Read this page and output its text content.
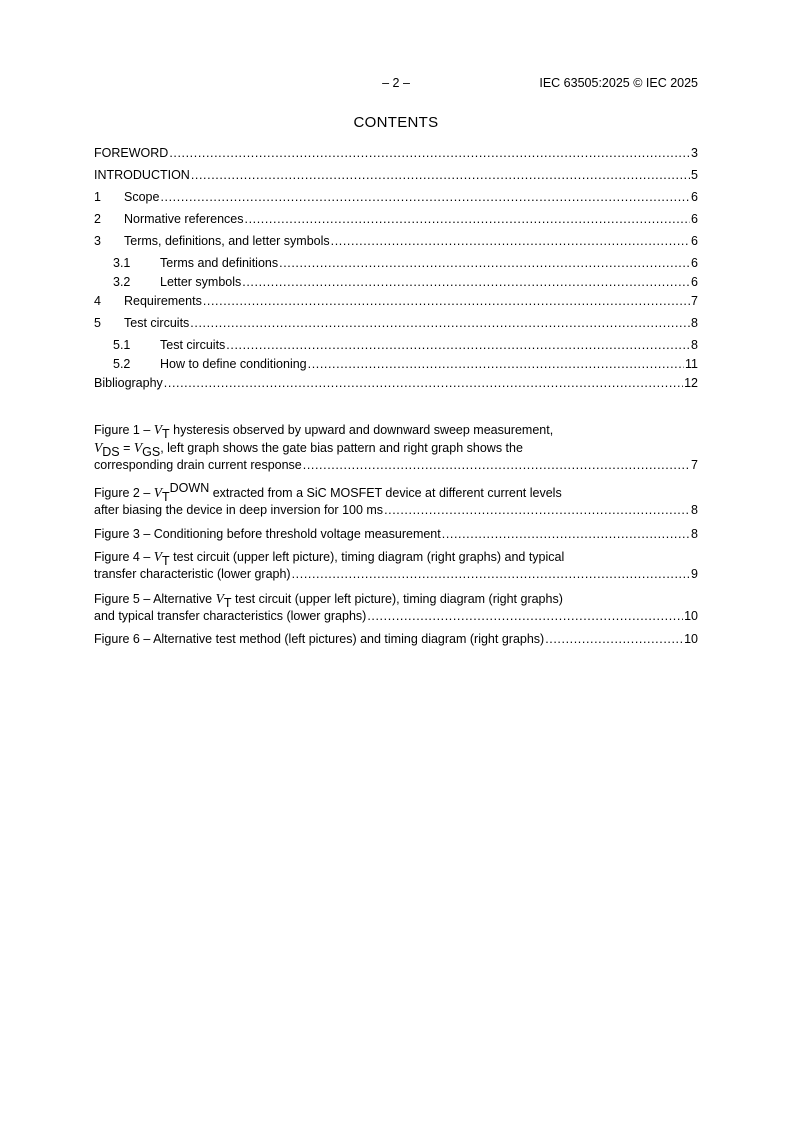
– 2 –	IEC 63505:2025 © IEC 2025
CONTENTS
FOREWORD .....	3
INTRODUCTION .....	5
1	Scope .....	6
2	Normative references .....	6
3	Terms, definitions, and letter symbols .....	6
3.1	Terms and definitions .....	6
3.2	Letter symbols .....	6
4	Requirements .....	7
5	Test circuits .....	8
5.1	Test circuits .....	8
5.2	How to define conditioning .....	11
Bibliography .....	12
Figure 1 – VT hysteresis observed by upward and downward sweep measurement,
VDS = VGS, left graph shows the gate bias pattern and right graph shows the
corresponding drain current response .....	7
Figure 2 – VTDOWN extracted from a SiC MOSFET device at different current levels
after biasing the device in deep inversion for 100 ms .....	8
Figure 3 – Conditioning before threshold voltage measurement .....	8
Figure 4 – VT test circuit (upper left picture), timing diagram (right graphs) and typical
transfer characteristic (lower graph) .....	9
Figure 5 – Alternative VT test circuit (upper left picture), timing diagram (right graphs)
and typical transfer characteristics (lower graphs) .....	10
Figure 6 – Alternative test method (left pictures) and timing diagram (right graphs) .....	10
